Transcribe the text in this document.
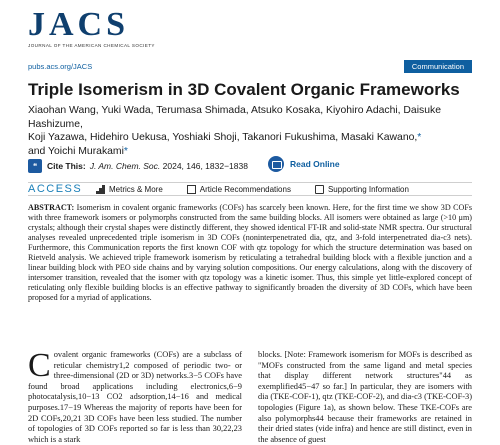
JACS
JOURNAL OF THE AMERICAN CHEMICAL SOCIETY
pubs.acs.org/JACS	Communication
Triple Isomerism in 3D Covalent Organic Frameworks
Xiaohan Wang, Yuki Wada, Terumasa Shimada, Atsuko Kosaka, Kiyohiro Adachi, Daisuke Hashizume,
Koji Yazawa, Hidehiro Uekusa, Yoshiaki Shoji, Takanori Fukushima, Masaki Kawano,*
and Yoichi Murakami*
❝	Cite This: J. Am. Chem. Soc. 2024, 146, 1832−1838	Read Online
ACCESS	Metrics & More	Article Recommendations	Supporting Information
ABSTRACT: Isomerism in covalent organic frameworks (COFs) has scarcely been known. Here, for the first time we show 3D COFs with three framework isomers or polymorphs constructed from the same building blocks. All isomers were obtained as large (>10 μm) crystals; although their crystal shapes were distinctly different, they showed identical FT-IR and solid-state NMR spectra. Our structural analyses revealed unprecedented triple isomerism in 3D COFs (noninterpenetrated dia, qtz, and 3-fold interpenetrated dia-c3 nets). Furthermore, this Communication reports the first known COF with qtz topology for which the structure determination was based on Rietveld analysis. We achieved triple framework isomerism by reticulating a tetrahedral building block with a flexible junction and a linear building block with PEO side chains and by varying solution compositions. Our energy calculations, along with the discovery of intersomer transition, revealed that the isomer with qtz topology was a kinetic isomer. Thus, this simple yet little-explored concept of reticulating only flexible building blocks is an effective pathway to significantly broaden the diversity of 3D COFs, which have been proposed for a myriad of applications.
C ovalent organic frameworks (COFs) are a subclass of reticular chemistry1,2 composed of periodic two- or three-dimensional (2D or 3D) networks.3−5 COFs have found broad applications including electronics,6−9 photocatalysis,10−13 CO2 adsorption,14−16 and medical purposes.17−19 Whereas the majority of reports have been for 2D COFs,20,21 3D COFs have been less studied. The number of topologies of 3D COFs reported so far is less than 30,22,23 which is a stark
blocks. [Note: Framework isomerism for MOFs is described as "MOFs constructed from the same ligand and metal species that display different network structures"44 as exemplified45−47 so far.] In particular, they are isomers with dia (TKE-COF-1), qtz (TKE-COF-2), and dia-c3 (TKE-COF-3) topologies (Figure 1a), as shown below. These TKE-COFs are also polymorphs44 because their frameworks are retained in their dried states (vide infra) and hence are still distinct, even in the absence of guest
